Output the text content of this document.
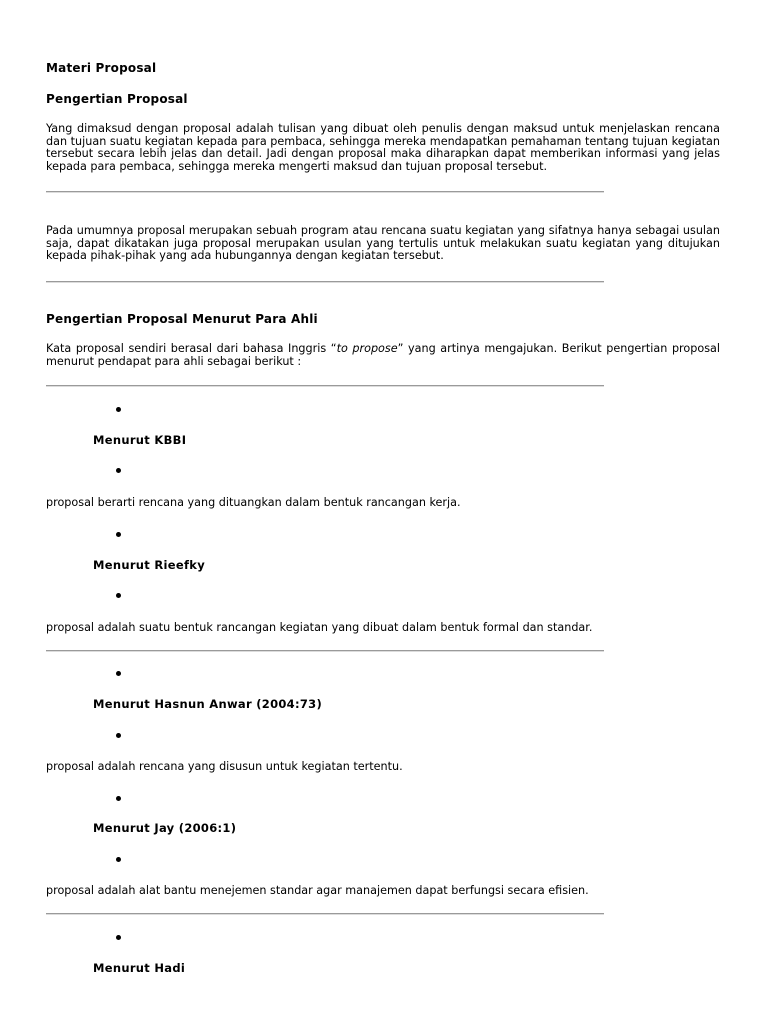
Materi Proposal
Pengertian Proposal

Yang dimaksud dengan proposal adalah tulisan yang dibuat oleh penulis dengan maksud untuk menjelaskan rencana dan tujuan suatu kegiatan kepada para pembaca, sehingga mereka mendapatkan pemahaman tentang tujuan kegiatan tersebut secara lebih jelas dan detail. Jadi dengan proposal maka diharapkan dapat memberikan informasi yang jelas kepada para pembaca, sehingga mereka mengerti maksud dan tujuan proposal tersebut.

Pada umumnya proposal merupakan sebuah program atau rencana suatu kegiatan yang sifatnya hanya sebagai usulan saja, dapat dikatakan juga proposal merupakan usulan yang tertulis untuk melakukan suatu kegiatan yang ditujukan kepada pihak-pihak yang ada hubungannya dengan kegiatan tersebut.

Pengertian Proposal Menurut Para Ahli

Kata proposal sendiri berasal dari bahasa Inggris “to propose” yang artinya mengajukan. Berikut pengertian proposal menurut pendapat para ahli sebagai berikut :

Menurut KBBI
proposal berarti rencana yang dituangkan dalam bentuk rancangan kerja.
Menurut Rieefky
proposal adalah suatu bentuk rancangan kegiatan yang dibuat dalam bentuk formal dan standar.
Menurut Hasnun Anwar (2004:73)
proposal adalah rencana yang disusun untuk kegiatan tertentu.
Menurut Jay (2006:1)
proposal adalah alat bantu menejemen standar agar manajemen dapat berfungsi secara efisien.
Menurut Hadi
